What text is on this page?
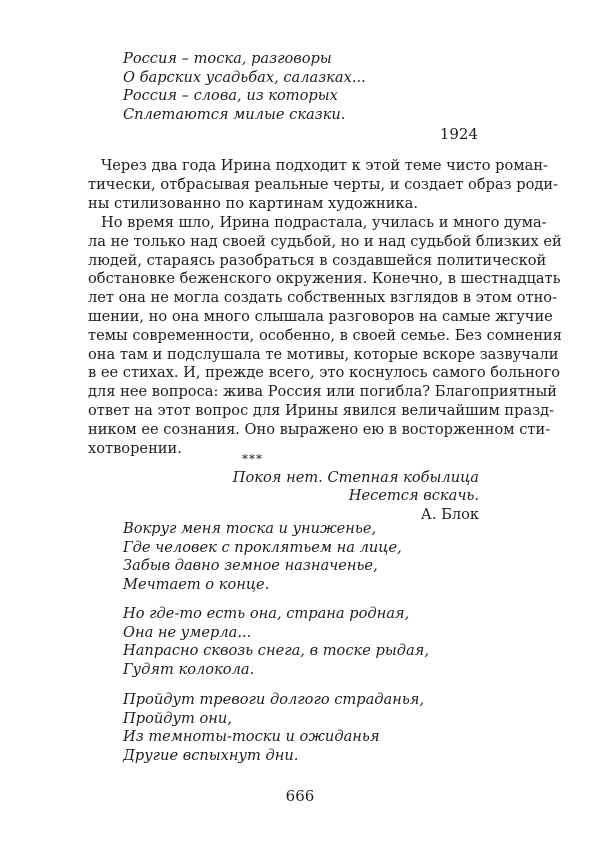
Россия – тоска, разговоры
О барских усадьбах, салазках...
Россия – слова, из которых
Сплетаются милые сказки.
1924
Через два года Ирина подходит к этой теме чисто роман-
тически, отбрасывая реальные черты, и создает образ роди-
ны стилизованно по картинам художника.
Но время шло, Ирина подрастала, училась и много дума-
ла не только над своей судьбой, но и над судьбой близких ей
людей, стараясь разобраться в создавшейся политической
обстановке беженского окружения. Конечно, в шестнадцать
лет она не могла создать собственных взглядов в этом отно-
шении, но она много слышала разговоров на самые жгучие
темы современности, особенно, в своей семье. Без сомнения
она там и подслушала те мотивы, которые вскоре зазвучали
в ее стихах. И, прежде всего, это коснулось самого больного
для нее вопроса: жива Россия или погибла? Благоприятный
ответ на этот вопрос для Ирины явился величайшим празд-
ником ее сознания. Оно выражено ею в восторженном сти-
хотворении.
***
Покоя нет. Степная кобылица
Несется вскачь.
А. Блок
Вокруг меня тоска и униженье,
Где человек с проклятьем на лице,
Забыв давно земное назначенье,
Мечтает о конце.
Но где-то есть она, страна родная,
Она не умерла...
Напрасно сквозь снега, в тоске рыдая,
Гудят колокола.
Пройдут тревоги долгого страданья,
Пройдут они,
Из темноты-тоски и ожиданья
Другие вспыхнут дни.
666
